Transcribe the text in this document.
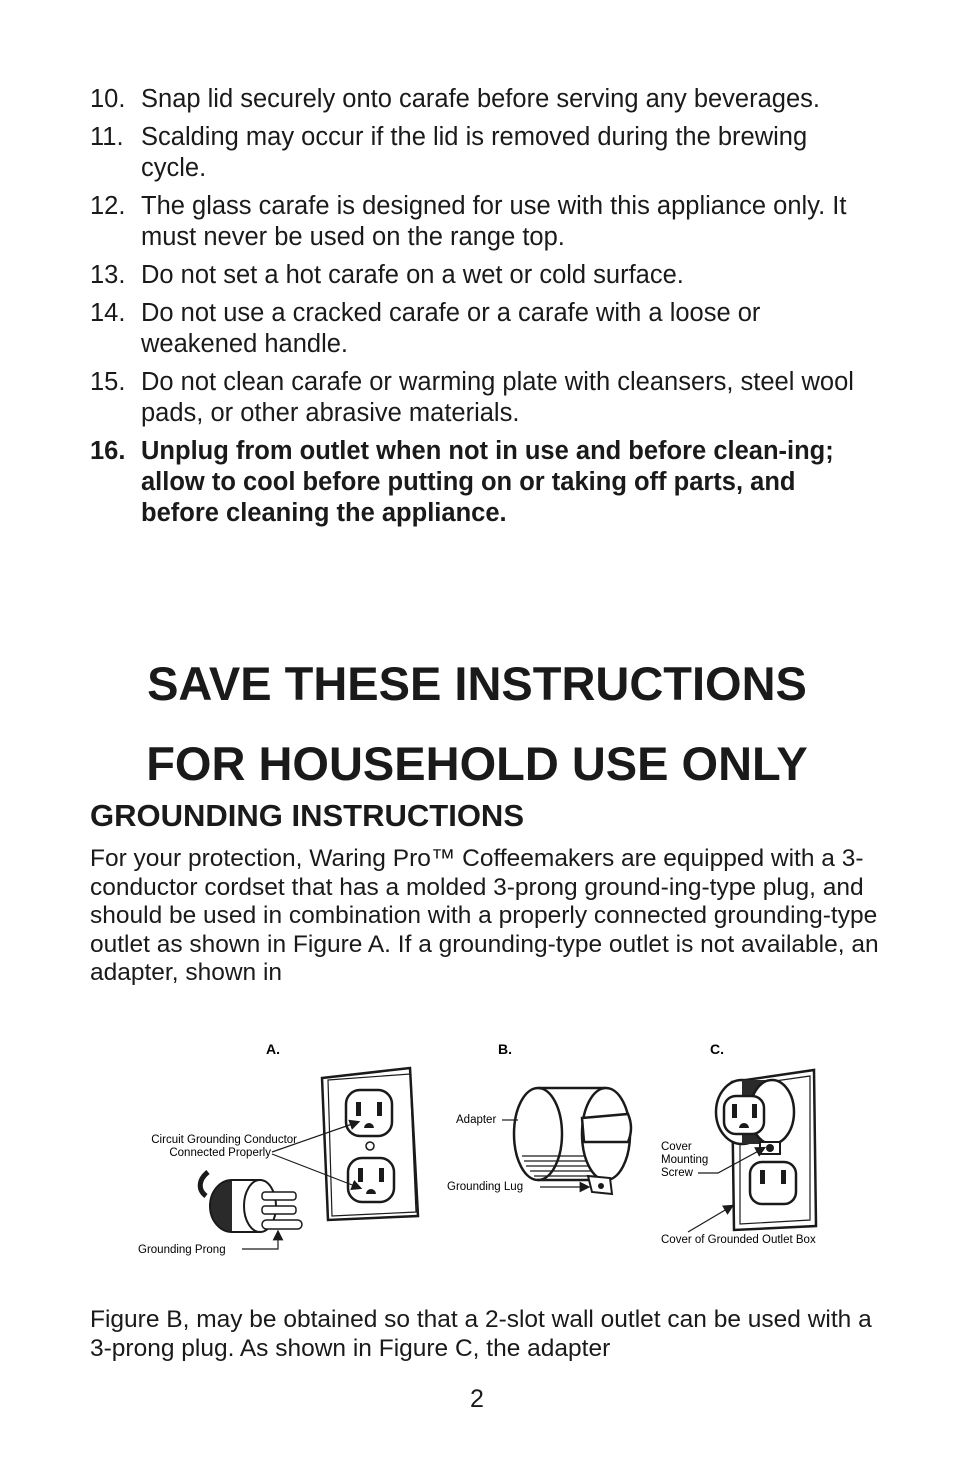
10. Snap lid securely onto carafe before serving any beverages.
11. Scalding may occur if the lid is removed during the brewing cycle.
12. The glass carafe is designed for use with this appliance only. It must never be used on the range top.
13. Do not set a hot carafe on a wet or cold surface.
14. Do not use a cracked carafe or a carafe with a loose or weakened handle.
15. Do not clean carafe or warming plate with cleansers, steel wool pads, or other abrasive materials.
16. Unplug from outlet when not in use and before clean-ing; allow to cool before putting on or taking off parts, and before cleaning the appliance.
SAVE THESE INSTRUCTIONS
FOR HOUSEHOLD USE ONLY
GROUNDING INSTRUCTIONS

For your protection, Waring Pro™ Coffeemakers are equipped with a 3-conductor cordset that has a molded 3-prong ground-ing-type plug, and should be used in combination with a properly connected grounding-type outlet as shown in Figure A. If a grounding-type outlet is not available, an adapter, shown in

A.
Circuit Grounding Conductor
Connected Properly
Grounding Prong
B.
Adapter
Grounding Lug
C.
Cover
Mounting
Screw
Cover of Grounded Outlet Box

Figure B, may be obtained so that a 2-slot wall outlet can be used with a 3-prong plug. As shown in Figure C, the adapter

2
